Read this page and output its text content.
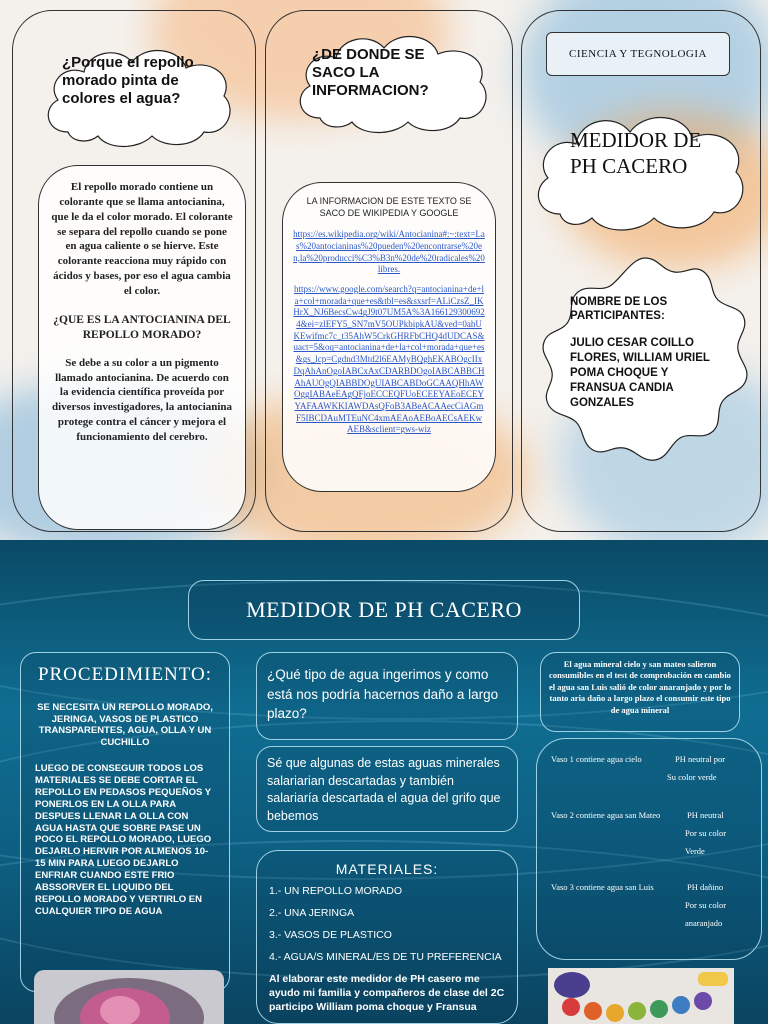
¿Porque el repollo morado pinta de colores el agua?

El repollo morado contiene un colorante que se llama antocianina, que le da el color morado. El colorante se separa del repollo cuando se pone en agua caliente o se hierve. Este colorante reacciona muy rápido con ácidos y bases, por eso el agua cambia el color.

¿QUE ES LA ANTOCIANINA DEL REPOLLO MORADO?

Se debe a su color a un pigmento llamado antocianina. De acuerdo con la evidencia científica proveída por diversos investigadores, la antocianina protege contra el cáncer y mejora el funcionamiento del cerebro.

¿DE DONDE SE SACO LA INFORMACION?

LA INFORMACION DE ESTE TEXTO SE SACO DE WIKIPEDIA Y GOOGLE

https://es.wikipedia.org/wiki/Antocianina#:~:text=Las%20antocianinas%20pueden%20encontrarse%20en,la%20producci%C3%B3n%20de%20radicales%20libres.
https://www.google.com/search?q=antocianina+de+la+col+morada+que+es&tbl=es&sxsrf=ALiCzsZ_IKHrX_NJ6BecsCw4gJ9t07UM5A%3A1661293006924&ei=zlEFY5_SN7mV5OUPkbipkAU&ved=0ahUKEwifmc7c_t35AhW5CrkGHRFbCHQ4dUDCAS&uact=5&oq=antocianina+de+la+col+morada+que+es&gs_lcp=Cgdnd3Mtd2l6EAMyBQghEKABOgcIIxDqAhAnOgoIABCxAxCDARBDOgoIABCABBCHAhAUOgQIABBDOgUIABCABDoGCAAQHhAWOggIABAeEAgQFjoECCEQFUoECEEYAEoECEYYAFAAWKKIAWDAsQFoB3ABeACAAecCiAGmF5IBCDAuMTEuNC4xmAEAoAEBoAECsAEKwAEB&sclient=gws-wiz
CIENCIA Y TEGNOLOGIA
MEDIDOR DE PH CACERO
NOMBRE DE LOS PARTICIPANTES:
JULIO CESAR COILLO FLORES, WILLIAM URIEL POMA CHOQUE Y FRANSUA CANDIA GONZALES
MEDIDOR DE PH CACERO
PROCEDIMIENTO:

SE NECESITA UN REPOLLO MORADO, JERINGA, VASOS DE PLASTICO TRANSPARENTES, AGUA, OLLA Y UN CUCHILLO

LUEGO DE CONSEGUIR TODOS LOS MATERIALES SE DEBE CORTAR EL REPOLLO EN PEDASOS PEQUEÑOS Y PONERLOS EN LA OLLA PARA DESPUES LLENAR LA OLLA CON AGUA HASTA QUE SOBRE PASE UN POCO EL REPOLLO MORADO, LUEGO DEJARLO HERVIR POR ALMENOS 10-15 MIN PARA LUEGO DEJARLO ENFRIAR CUANDO ESTE FRIO ABSSORVER EL LIQUIDO DEL REPOLLO MORADO Y VERTIRLO EN CUALQUIER TIPO DE AGUA

¿Qué tipo de agua ingerimos y como está nos podría hacernos daño a largo plazo?

Sé que algunas de estas aguas minerales salariarian descartadas y también salariaría descartada el agua del grifo que bebemos

MATERIALES:
1.- UN REPOLLO MORADO
2.- UNA JERINGA
3.- VASOS DE PLASTICO
4.- AGUA/S MINERAL/ES DE TU PREFERENCIA

Al elaborar este medidor de PH casero me ayudo mi familia y compañeros de clase del 2C participo William poma choque y Fransua

El agua mineral cielo y san mateo salieron consumibles en el test de comprobación en cambio el agua san Luis salió de color anaranjado y por lo tanto aria daño a largo plazo el consumir este tipo de agua mineral

Vaso 1 contiene agua cielo	PH neutral por
Su color verde
Vaso 2 contiene agua san Mateo	PH neutral
Por su color
Verde
Vaso 3 contiene agua san Luis	PH dañino
Por su color
anaranjado
